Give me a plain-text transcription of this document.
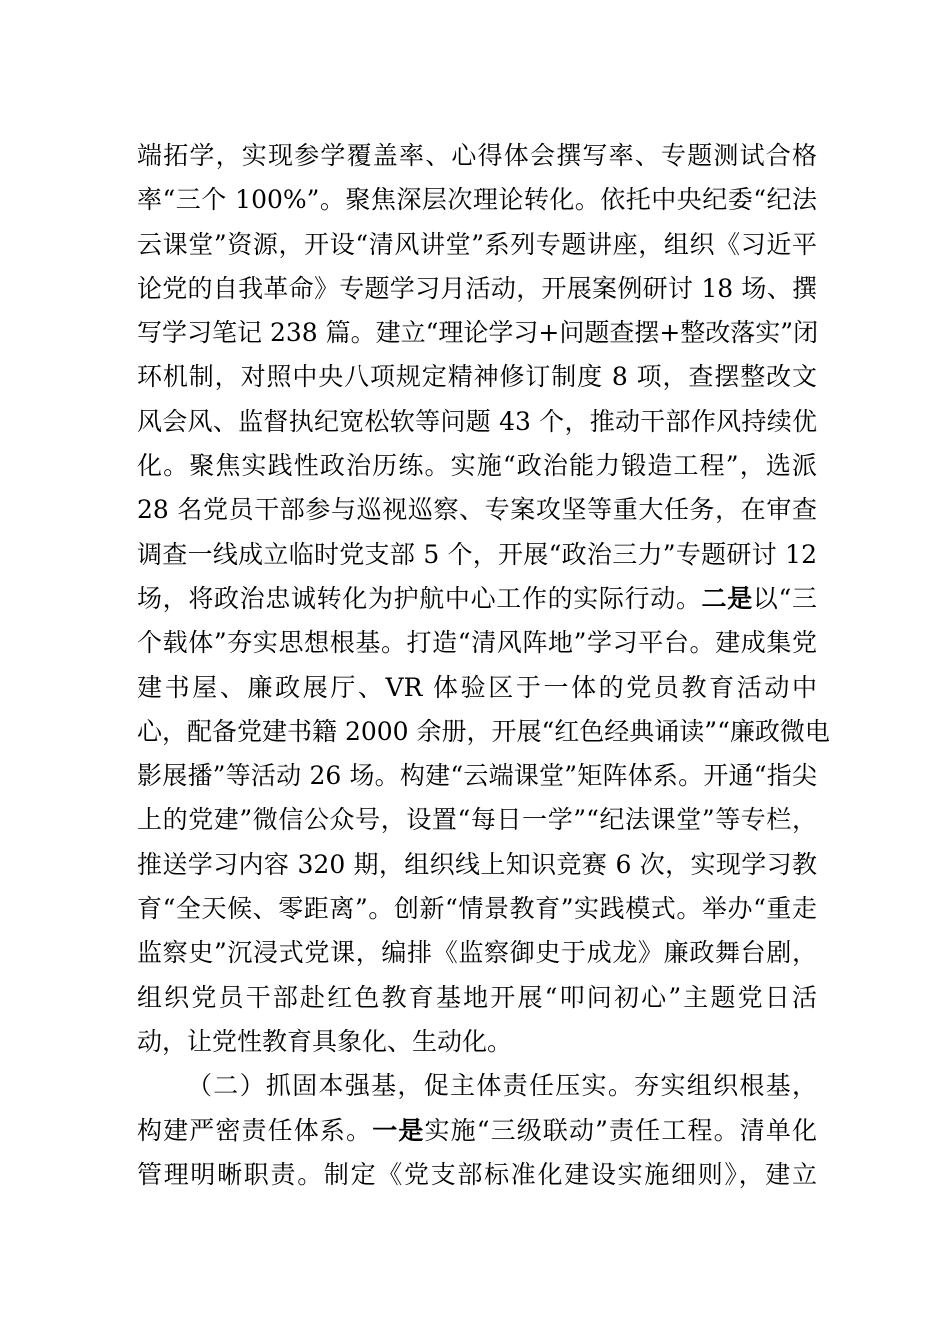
端拓学，实现参学覆盖率、心得体会撰写率、专题测试合格
率“三个 100%”。聚焦深层次理论转化。依托中央纪委“纪法
云课堂”资源，开设“清风讲堂”系列专题讲座，组织《习近平
论党的自我革命》专题学习月活动，开展案例研讨 18 场、撰
写学习笔记 238 篇。建立“理论学习+问题查摆+整改落实”闭
环机制，对照中央八项规定精神修订制度 8 项，查摆整改文
风会风、监督执纪宽松软等问题 43 个，推动干部作风持续优
化。聚焦实践性政治历练。实施“政治能力锻造工程”，选派
28 名党员干部参与巡视巡察、专案攻坚等重大任务，在审查
调查一线成立临时党支部 5 个，开展“政治三力”专题研讨 12
场，将政治忠诚转化为护航中心工作的实际行动。二是以“三
个载体”夯实思想根基。打造“清风阵地”学习平台。建成集党
建书屋、廉政展厅、VR 体验区于一体的党员教育活动中
心，配备党建书籍 2000 余册，开展“红色经典诵读”“廉政微电
影展播”等活动 26 场。构建“云端课堂”矩阵体系。开通“指尖
上的党建”微信公众号，设置“每日一学”“纪法课堂”等专栏，
推送学习内容 320 期，组织线上知识竞赛 6 次，实现学习教
育“全天候、零距离”。创新“情景教育”实践模式。举办“重走
监察史”沉浸式党课，编排《监察御史于成龙》廉政舞台剧，
组织党员干部赴红色教育基地开展“叩问初心”主题党日活
动，让党性教育具象化、生动化。
（二）抓固本强基，促主体责任压实。夯实组织根基，
构建严密责任体系。一是实施“三级联动”责任工程。清单化
管理明晰职责。制定《党支部标准化建设实施细则》，建立
